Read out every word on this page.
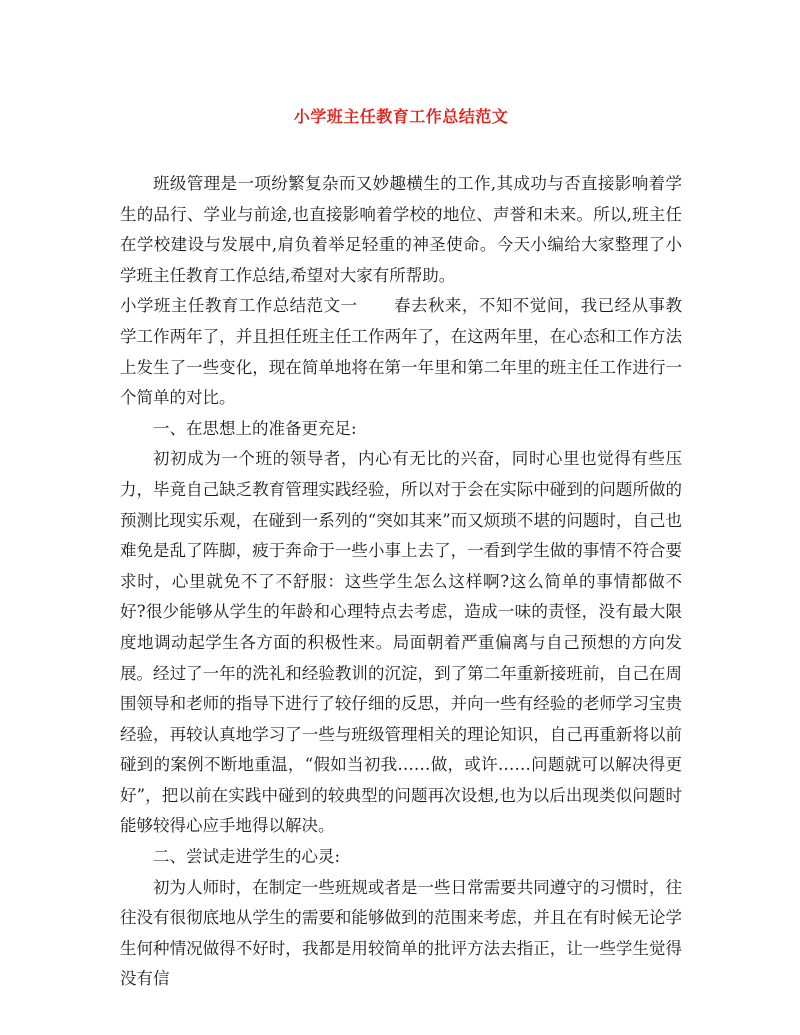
小学班主任教育工作总结范文

班级管理是一项纷繁复杂而又妙趣横生的工作,其成功与否直接影响着学生的品行、学业与前途,也直接影响着学校的地位、声誉和未来。所以,班主任在学校建设与发展中,肩负着举足轻重的神圣使命。今天小编给大家整理了小学班主任教育工作总结,希望对大家有所帮助。

小学班主任教育工作总结范文一 春去秋来，不知不觉间，我已经从事教学工作两年了，并且担任班主任工作两年了，在这两年里，在心态和工作方法上发生了一些变化，现在简单地将在第一年里和第二年里的班主任工作进行一个简单的对比。

一、在思想上的准备更充足:

初初成为一个班的领导者，内心有无比的兴奋，同时心里也觉得有些压力，毕竟自己缺乏教育管理实践经验，所以对于会在实际中碰到的问题所做的预测比现实乐观，在碰到一系列的“突如其来”而又烦琐不堪的问题时，自己也难免是乱了阵脚，疲于奔命于一些小事上去了，一看到学生做的事情不符合要求时，心里就免不了不舒服：这些学生怎么这样啊?这么简单的事情都做不好?很少能够从学生的年龄和心理特点去考虑，造成一味的责怪，没有最大限度地调动起学生各方面的积极性来。局面朝着严重偏离与自己预想的方向发展。经过了一年的洗礼和经验教训的沉淀，到了第二年重新接班前，自己在周围领导和老师的指导下进行了较仔细的反思，并向一些有经验的老师学习宝贵经验，再较认真地学习了一些与班级管理相关的理论知识，自己再重新将以前碰到的案例不断地重温，“假如当初我……做，或许……问题就可以解决得更好”，把以前在实践中碰到的较典型的问题再次设想,也为以后出现类似问题时能够较得心应手地得以解决。

二、尝试走进学生的心灵:

初为人师时，在制定一些班规或者是一些日常需要共同遵守的习惯时，往往没有很彻底地从学生的需要和能够做到的范围来考虑，并且在有时候无论学生何种情况做得不好时，我都是用较简单的批评方法去指正，让一些学生觉得没有信
